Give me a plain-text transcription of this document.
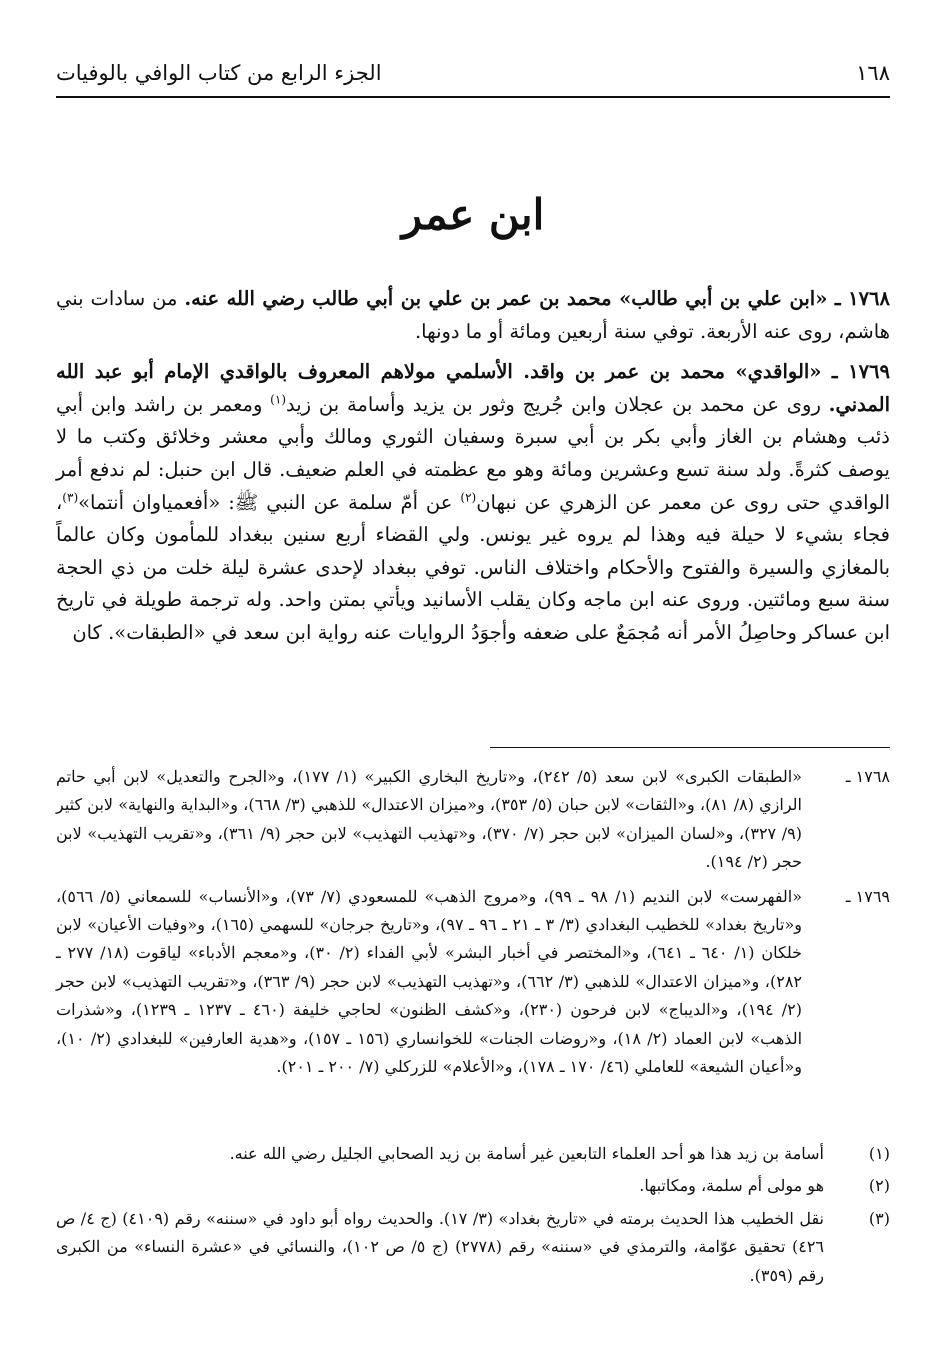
١٦٨
الجزء الرابع من كتاب الوافي بالوفيات
ابن عمر

١٧٦٨ ـ «ابن علي بن أبي طالب» محمد بن عمر بن علي بن أبي طالب رضي الله عنه. من سادات بني هاشم، روى عنه الأربعة. توفي سنة أربعين ومائة أو ما دونها.

١٧٦٩ ـ «الواقدي» محمد بن عمر بن واقد. الأسلمي مولاهم المعروف بالواقدي الإمام أبو عبد الله المدني. روى عن محمد بن عجلان وابن جُريج وثور بن يزيد وأسامة بن زيد$^{(١)}$ ومعمر بن راشد وابن أبي ذئب وهشام بن الغاز وأبي بكر بن أبي سبرة وسفيان الثوري ومالك وأبي معشر وخلائق وكتب ما لا يوصف كثرةً. ولد سنة تسع وعشرين ومائة وهو مع عظمته في العلم ضعيف. قال ابن حنبل: لم ندفع أمر الواقدي حتى روى عن معمر عن الزهري عن نبهان$^{(٢)}$ عن أمّ سلمة عن النبي ﷺ: «أفعمياوان أنتما»$^{(٣)}$، فجاء بشيء لا حيلة فيه وهذا لم يروه غير يونس. ولي القضاء أربع سنين ببغداد للمأمون وكان عالماً بالمغازي والسيرة والفتوح والأحكام واختلاف الناس. توفي ببغداد لإحدى عشرة ليلة خلت من ذي الحجة سنة سبع ومائتين. وروى عنه ابن ماجه وكان يقلب الأسانيد ويأتي بمتن واحد. وله ترجمة طويلة في تاريخ ابن عساكر وحاصِلُ الأمر أنه مُجمَعٌ على ضعفه وأجوَدُ الروايات عنه رواية ابن سعد في «الطبقات». كان

١٧٦٨ ـ
«الطبقات الكبرى» لابن سعد (٥/ ٢٤٢)، و«تاريخ البخاري الكبير» (١/ ١٧٧)، و«الجرح والتعديل» لابن أبي حاتم الرازي (٨/ ٨١)، و«الثقات» لابن حبان (٥/ ٣٥٣)، و«ميزان الاعتدال» للذهبي (٣/ ٦٦٨)، و«البداية والنهاية» لابن كثير (٩/ ٣٢٧)، و«لسان الميزان» لابن حجر (٧/ ٣٧٠)، و«تهذيب التهذيب» لابن حجر (٩/ ٣٦١)، و«تقريب التهذيب» لابن حجر (٢/ ١٩٤).
١٧٦٩ ـ
«الفهرست» لابن النديم (١/ ٩٨ ـ ٩٩)، و«مروج الذهب» للمسعودي (٧/ ٧٣)، و«الأنساب» للسمعاني (٥/ ٥٦٦)، و«تاريخ بغداد» للخطيب البغدادي (٣/ ٣ ـ ٢١ ـ ٩٦ ـ ٩٧)، و«تاريخ جرجان» للسهمي (١٦٥)، و«وفيات الأعيان» لابن خلكان (١/ ٦٤٠ ـ ٦٤١)، و«المختصر في أخبار البشر» لأبي الفداء (٢/ ٣٠)، و«معجم الأدباء» لياقوت (١٨/ ٢٧٧ ـ ٢٨٢)، و«ميزان الاعتدال» للذهبي (٣/ ٦٦٢)، و«تهذيب التهذيب» لابن حجر (٩/ ٣٦٣)، و«تقريب التهذيب» لابن حجر (٢/ ١٩٤)، و«الديباج» لابن فرحون (٢٣٠)، و«كشف الظنون» لحاجي خليفة (٤٦٠ ـ ١٢٣٧ ـ ١٢٣٩)، و«شذرات الذهب» لابن العماد (٢/ ١٨)، و«روضات الجنات» للخوانساري (١٥٦ ـ ١٥٧)، و«هدية العارفين» للبغدادي (٢/ ١٠)، و«أعيان الشيعة» للعاملي (٤٦/ ١٧٠ ـ ١٧٨)، و«الأعلام» للزركلي (٧/ ٢٠٠ ـ ٢٠١).
(١)
أسامة بن زيد هذا هو أحد العلماء التابعين غير أسامة بن زيد الصحابي الجليل رضي الله عنه.
(٢)
هو مولى أم سلمة، ومكاتبها.
(٣)
نقل الخطيب هذا الحديث برمته في «تاريخ بغداد» (٣/ ١٧). والحديث رواه أبو داود في «سننه» رقم (٤١٠٩) (ج ٤/ ص ٤٢٦) تحقيق عوّامة، والترمذي في «سننه» رقم (٢٧٧٨) (ج ٥/ ص ١٠٢)، والنسائي في «عشرة النساء» من الكبرى رقم (٣٥٩).
